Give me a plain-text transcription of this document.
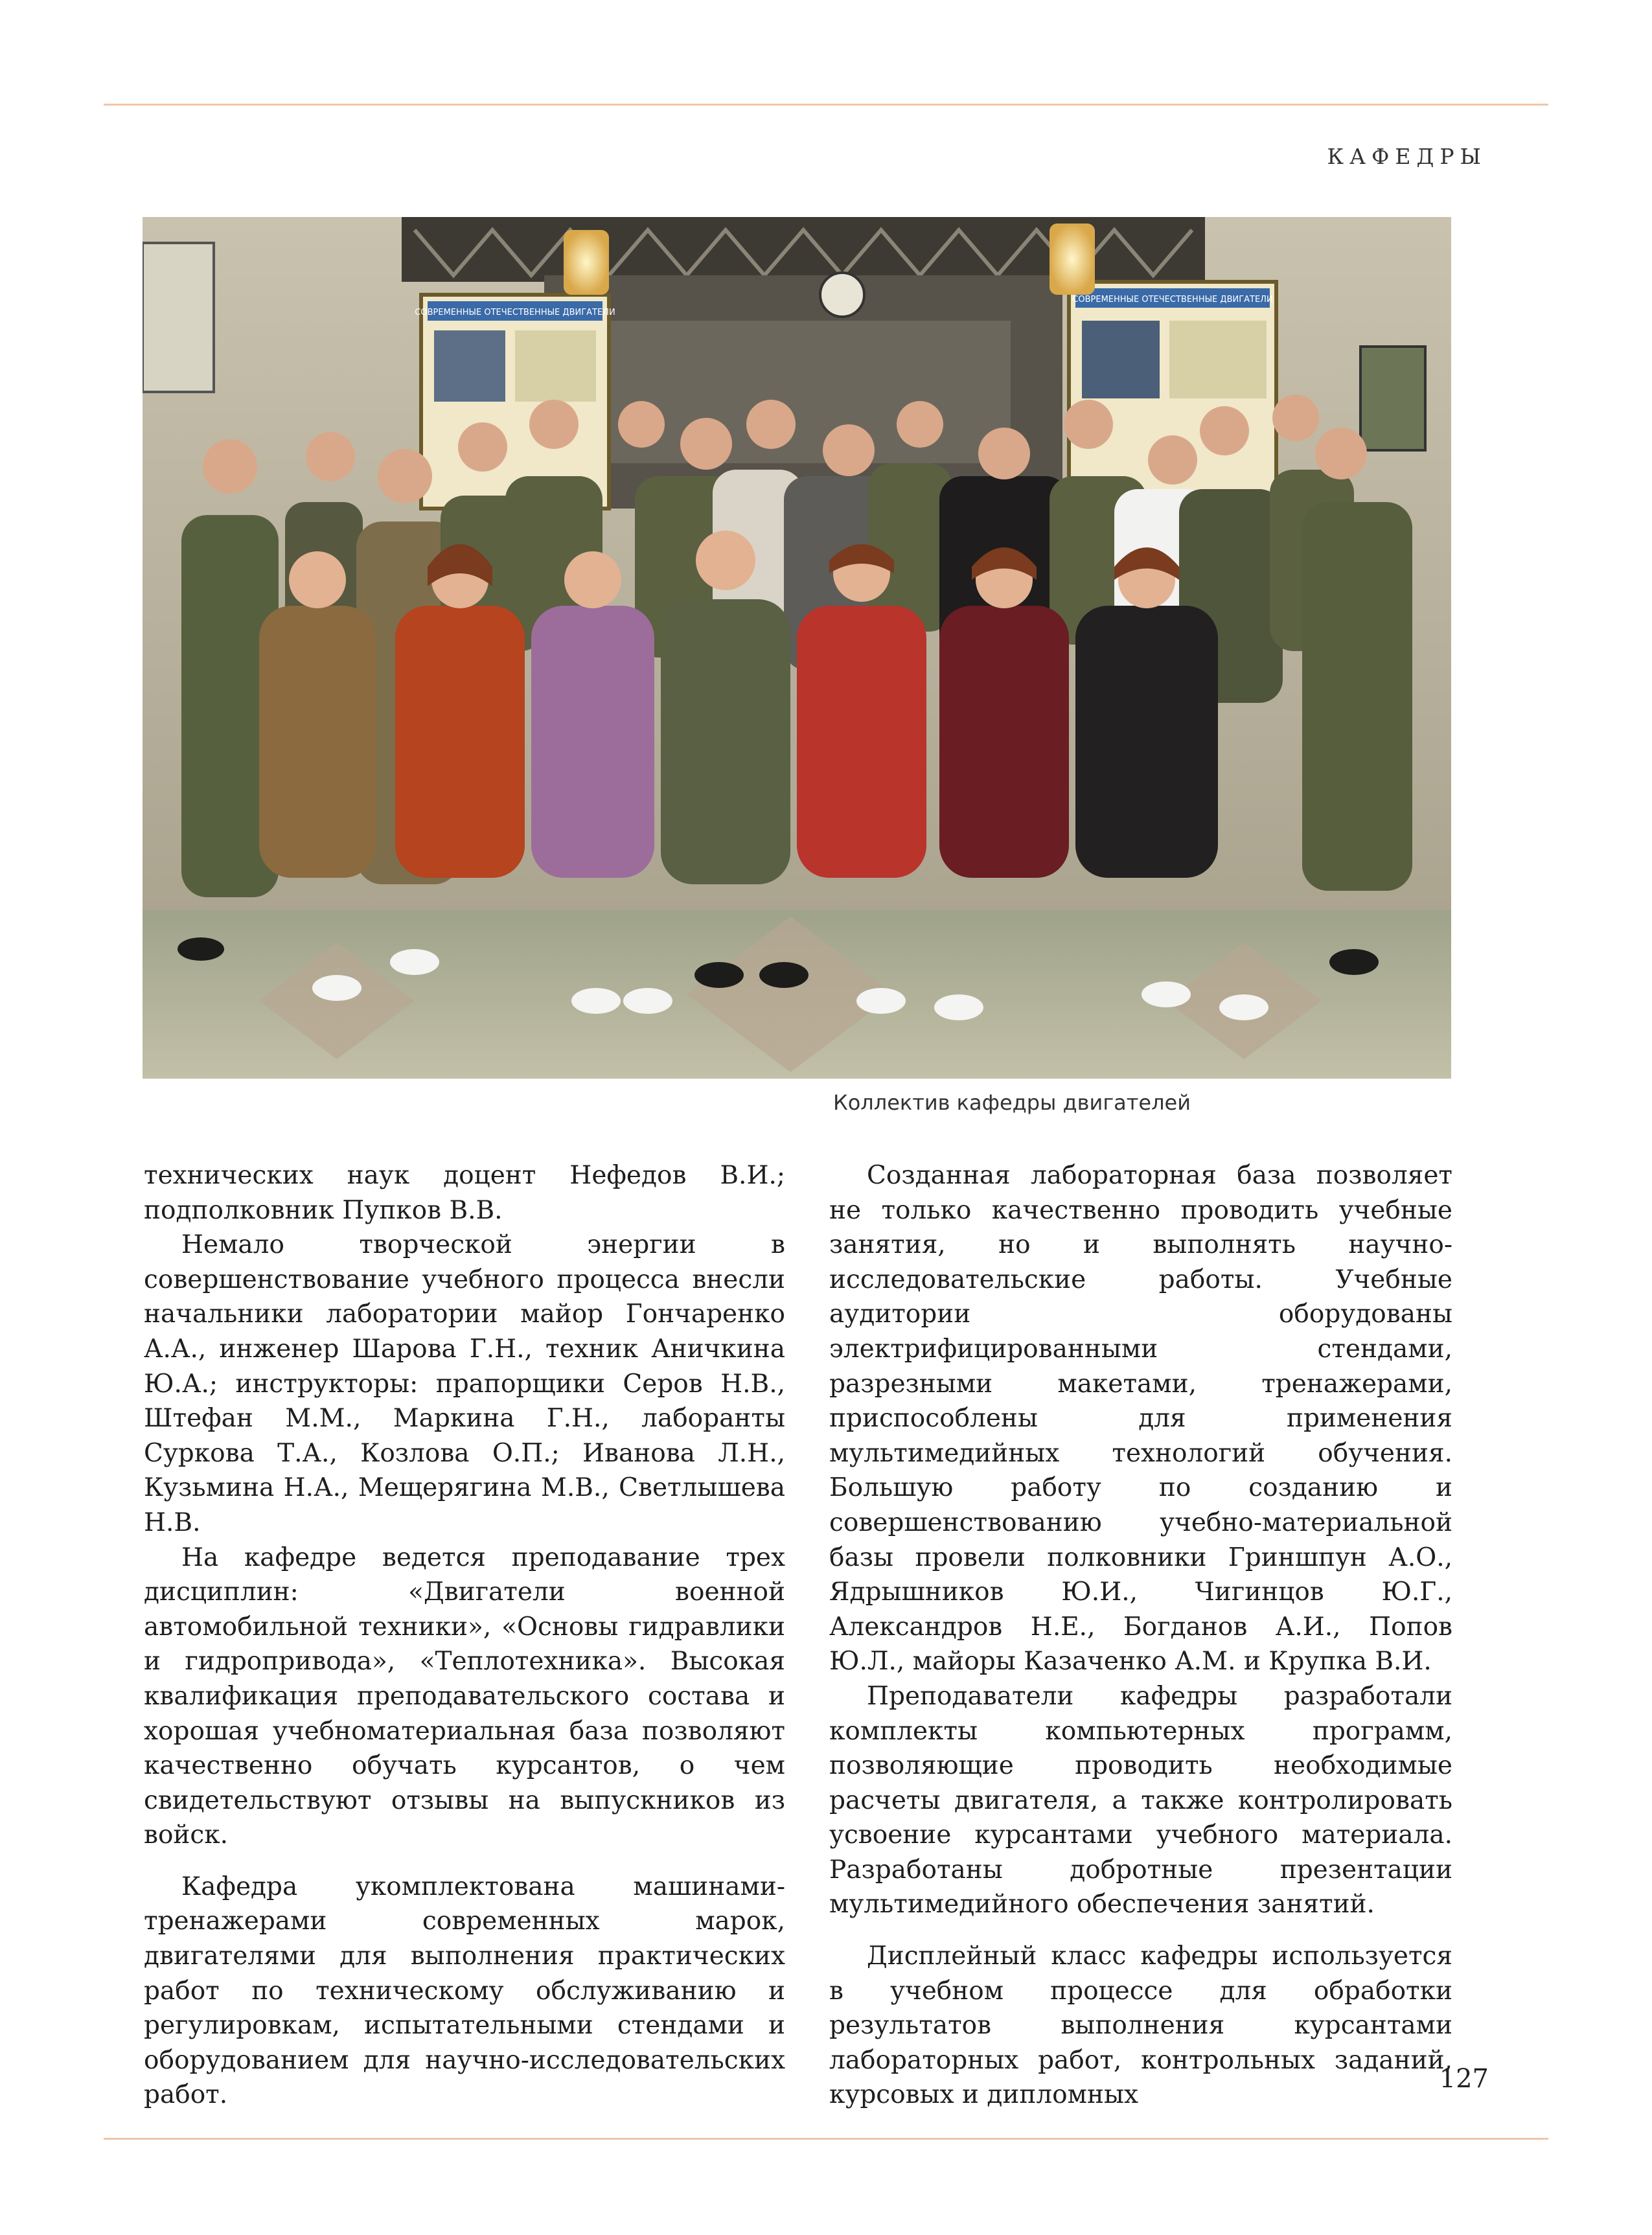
КАФЕДРЫ
СОВРЕМЕННЫЕ ОТЕЧЕСТВЕННЫЕ ДВИГАТЕЛИ
СОВРЕМЕННЫЕ ОТЕЧЕСТВЕННЫЕ ДВИГАТЕЛИ
Коллектив кафедры двигателей

технических наук доцент Нефедов В.И.; подполковник Пупков В.В.

Немало творческой энергии в совершенствование учебного процесса внесли начальники лаборатории майор Гончаренко А.А., инженер Шарова Г.Н., техник Аничкина Ю.А.; инструкторы: прапорщики Серов Н.В., Штефан М.М., Маркина Г.Н., лаборанты Суркова Т.А., Козлова О.П.; Иванова Л.Н., Кузьмина Н.А., Мещерягина М.В., Светлышева Н.В.

На кафедре ведется преподавание трех дисциплин: «Двигатели военной автомобильной техники», «Основы гидравлики и гидропривода», «Теплотехника». Высокая квалификация преподавательского состава и хорошая учебноматериальная база позволяют качественно обучать курсантов, о чем свидетельствуют отзывы на выпускников из войск.

Кафедра укомплектована машинами-тренажерами современных марок, двигателями для выполнения практических работ по техническому обслуживанию и регулировкам, испытательными стендами и оборудованием для научно-исследовательских работ.

Созданная лабораторная база позволяет не только качественно проводить учебные занятия, но и выполнять научно-исследовательские работы. Учебные аудитории оборудованы электрифицированными стендами, разрезными макетами, тренажерами, приспособлены для применения мультимедийных технологий обучения. Большую работу по созданию и совершенствованию учебно-материальной базы провели полковники Гриншпун А.О., Ядрышников Ю.И., Чигинцов Ю.Г., Александров Н.Е., Богданов А.И., Попов Ю.Л., майоры Казаченко А.М. и Крупка В.И.

Преподаватели кафедры разработали комплекты компьютерных программ, позволяющие проводить необходимые расчеты двигателя, а также контролировать усвоение курсантами учебного материала. Разработаны добротные презентации мультимедийного обеспечения занятий.

Дисплейный класс кафедры используется в учебном процессе для обработки результатов выполнения курсантами лабораторных работ, контрольных заданий, курсовых и дипломных

127
